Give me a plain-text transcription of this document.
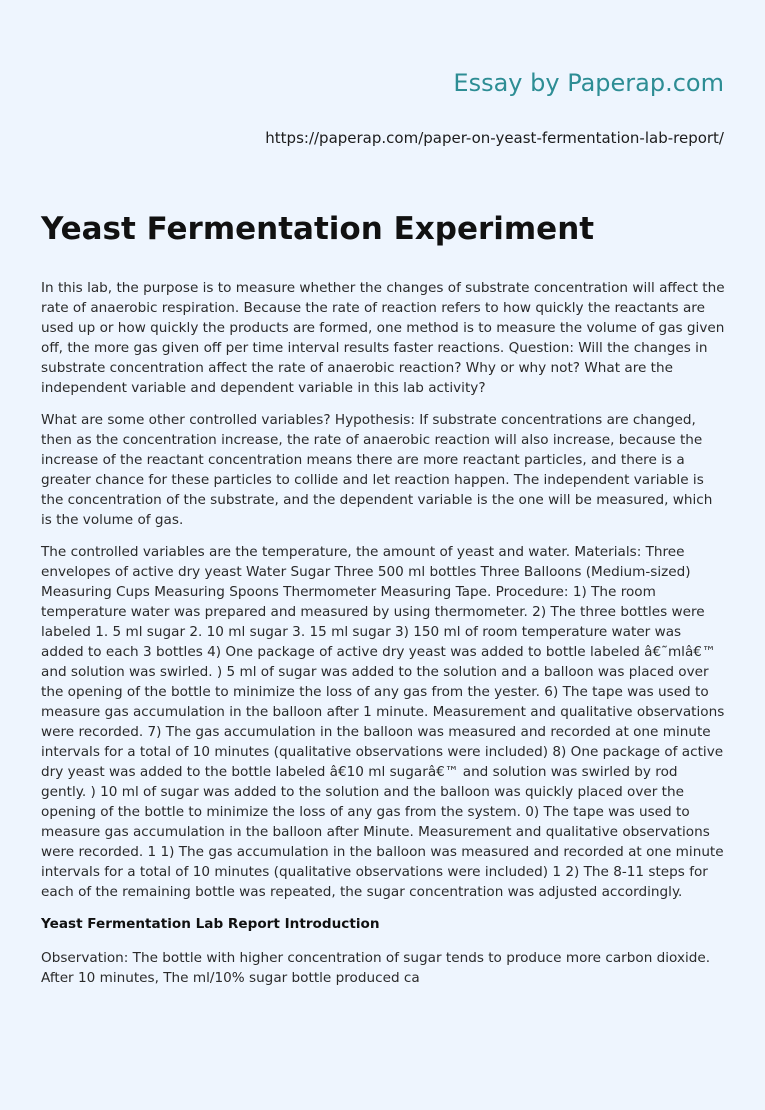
Essay by Paperap.com
https://paperap.com/paper-on-yeast-fermentation-lab-report/
Yeast Fermentation Experiment

In this lab, the purpose is to measure whether the changes of substrate concentration will affect the rate of anaerobic respiration. Because the rate of reaction refers to how quickly the reactants are used up or how quickly the products are formed, one method is to measure the volume of gas given off, the more gas given off per time interval results faster reactions. Question: Will the changes in substrate concentration affect the rate of anaerobic reaction? Why or why not? What are the independent variable and dependent variable in this lab activity?

What are some other controlled variables? Hypothesis: If substrate concentrations are changed, then as the concentration increase, the rate of anaerobic reaction will also increase, because the increase of the reactant concentration means there are more reactant particles, and there is a greater chance for these particles to collide and let reaction happen. The independent variable is the concentration of the substrate, and the dependent variable is the one will be measured, which is the volume of gas.

The controlled variables are the temperature, the amount of yeast and water. Materials: Three envelopes of active dry yeast Water Sugar Three 500 ml bottles Three Balloons (Medium-sized) Measuring Cups Measuring Spoons Thermometer Measuring Tape. Procedure: 1) The room temperature water was prepared and measured by using thermometer. 2) The three bottles were labeled 1. 5 ml sugar 2. 10 ml sugar 3. 15 ml sugar 3) 150 ml of room temperature water was added to each 3 bottles 4) One package of active dry yeast was added to bottle labeled â€˜mlâ€™ and solution was swirled. ) 5 ml of sugar was added to the solution and a balloon was placed over the opening of the bottle to minimize the loss of any gas from the yester. 6) The tape was used to measure gas accumulation in the balloon after 1 minute. Measurement and qualitative observations were recorded. 7) The gas accumulation in the balloon was measured and recorded at one minute intervals for a total of 10 minutes (qualitative observations were included) 8) One package of active dry yeast was added to the bottle labeled â€10 ml sugarâ€™ and solution was swirled by rod gently. ) 10 ml of sugar was added to the solution and the balloon was quickly placed over the opening of the bottle to minimize the loss of any gas from the system. 0) The tape was used to measure gas accumulation in the balloon after Minute. Measurement and qualitative observations were recorded. 1 1) The gas accumulation in the balloon was measured and recorded at one minute intervals for a total of 10 minutes (qualitative observations were included) 1 2) The 8-11 steps for each of the remaining bottle was repeated, the sugar concentration was adjusted accordingly.

Yeast Fermentation Lab Report Introduction

Observation: The bottle with higher concentration of sugar tends to produce more carbon dioxide. After 10 minutes, The ml/10% sugar bottle produced ca
